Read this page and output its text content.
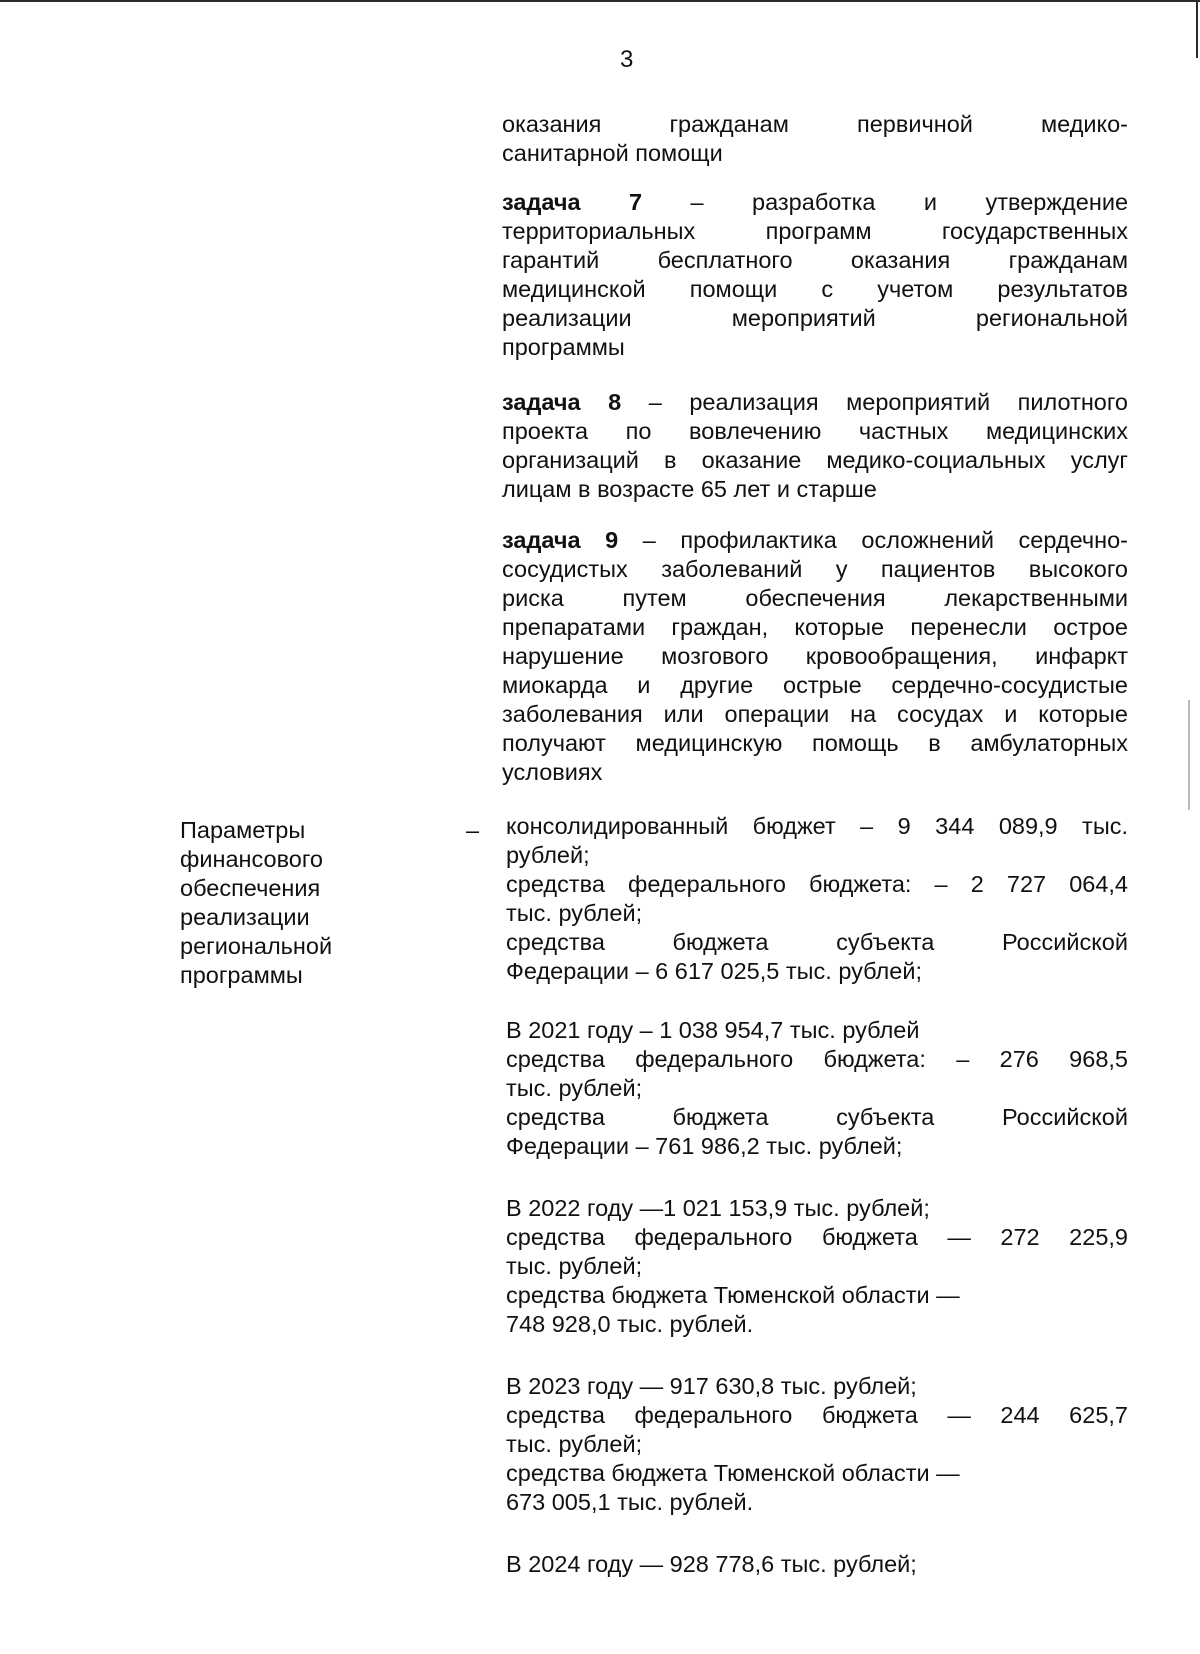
3
оказания гражданам первичной медико-
санитарной помощи
задача 7 – разработка и утверждение
территориальных программ государственных
гарантий бесплатного оказания гражданам
медицинской помощи с учетом результатов
реализации мероприятий региональной
программы
задача 8 – реализация мероприятий пилотного
проекта по вовлечению частных медицинских
организаций в оказание медико-социальных услуг
лицам в возрасте 65 лет и старше
задача 9 – профилактика осложнений сердечно-
сосудистых заболеваний у пациентов высокого
риска путем обеспечения лекарственными
препаратами граждан, которые перенесли острое
нарушение мозгового кровообращения, инфаркт
миокарда и другие острые сердечно-сосудистые
заболевания или операции на сосудах и которые
получают медицинскую помощь в амбулаторных
условиях
Параметры
финансового
обеспечения
реализации
региональной
программы
– консолидированный бюджет – 9 344 089,9 тыс.
рублей;
средства федерального бюджета: – 2 727 064,4
тыс. рублей;
средства бюджета субъекта Российской
Федерации – 6 617 025,5 тыс. рублей;
В 2021 году – 1 038 954,7 тыс. рублей
средства федерального бюджета: – 276 968,5
тыс. рублей;
средства бюджета субъекта Российской
Федерации – 761 986,2 тыс. рублей;
В 2022 году —1 021 153,9 тыс. рублей;
средства федерального бюджета — 272 225,9
тыс. рублей;
средства бюджета Тюменской области —
748 928,0 тыс. рублей.
В 2023 году — 917 630,8 тыс. рублей;
средства федерального бюджета — 244 625,7
тыс. рублей;
средства бюджета Тюменской области —
673 005,1 тыс. рублей.
В 2024 году — 928 778,6 тыс. рублей;
